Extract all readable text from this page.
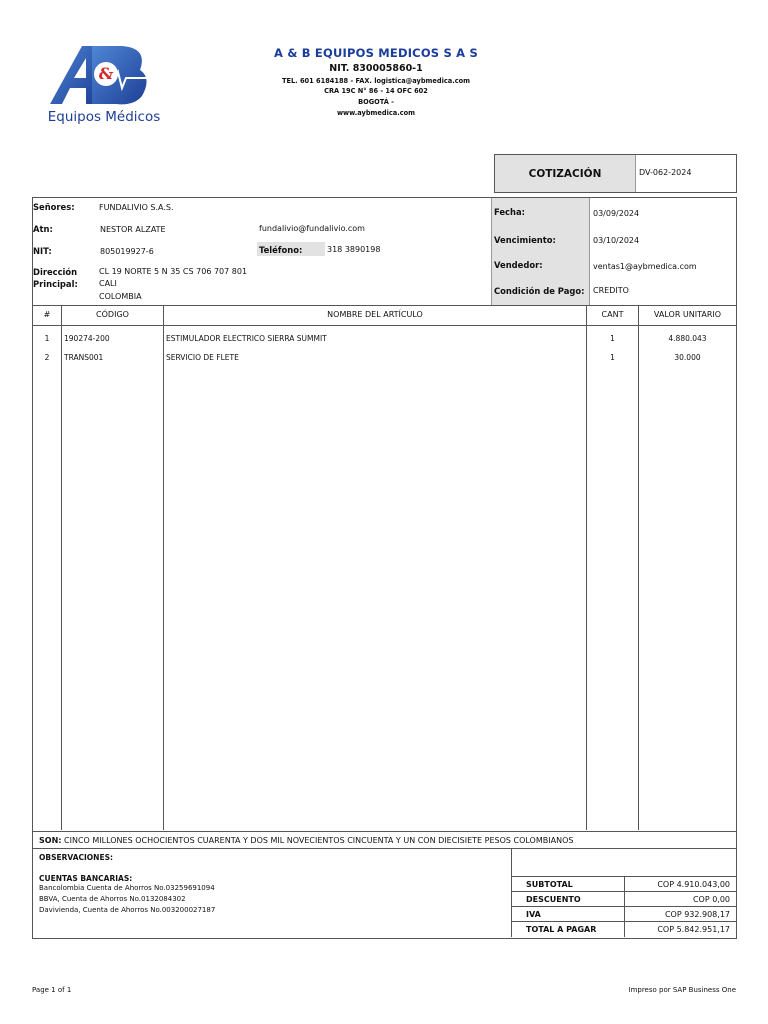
&
Equipos Médicos
A & B EQUIPOS MEDICOS S A S
NIT. 830005860-1
TEL. 601 6184188 - FAX. logistica@aybmedica.com
CRA 19C N° 86 - 14 OFC 602
BOGOTÁ -
www.aybmedica.com
COTIZACIÓN	DV-062-2024
Señores:	FUNDALIVIO S.A.S.
Atn:	NESTOR ALZATE	fundalivio@fundalivio.com
NIT:	805019927-6	Teléfono:	318 3890198
Dirección
Principal:
CL 19 NORTE 5 N 35 CS 706 707 801
CALI
COLOMBIA
Fecha:	03/09/2024
Vencimiento:	03/10/2024
Vendedor:	ventas1@aybmedica.com
Condición de Pago: CREDITO
#	CÓDIGO	NOMBRE DEL ARTÍCULO	CANT	VALOR UNITARIO
1	190274-200	ESTIMULADOR ELECTRICO SIERRA SUMMIT	1	4.880.043
2	TRANS001	SERVICIO DE FLETE	1	30.000
SON: CINCO MILLONES OCHOCIENTOS CUARENTA Y DOS MIL NOVECIENTOS CINCUENTA Y UN CON DIECISIETE PESOS COLOMBIANOS
OBSERVACIONES:
CUENTAS BANCARIAS:
Bancolombia Cuenta de Ahorros No.03259691094
BBVA, Cuenta de Ahorros No.0132084302
Davivienda, Cuenta de Ahorros No.003200027187
SUBTOTAL	COP 4.910.043,00
DESCUENTO	COP 0,00
IVA	COP 932.908,17
TOTAL A PAGAR	COP 5.842.951,17
Page 1 of 1	Impreso por SAP Business One
